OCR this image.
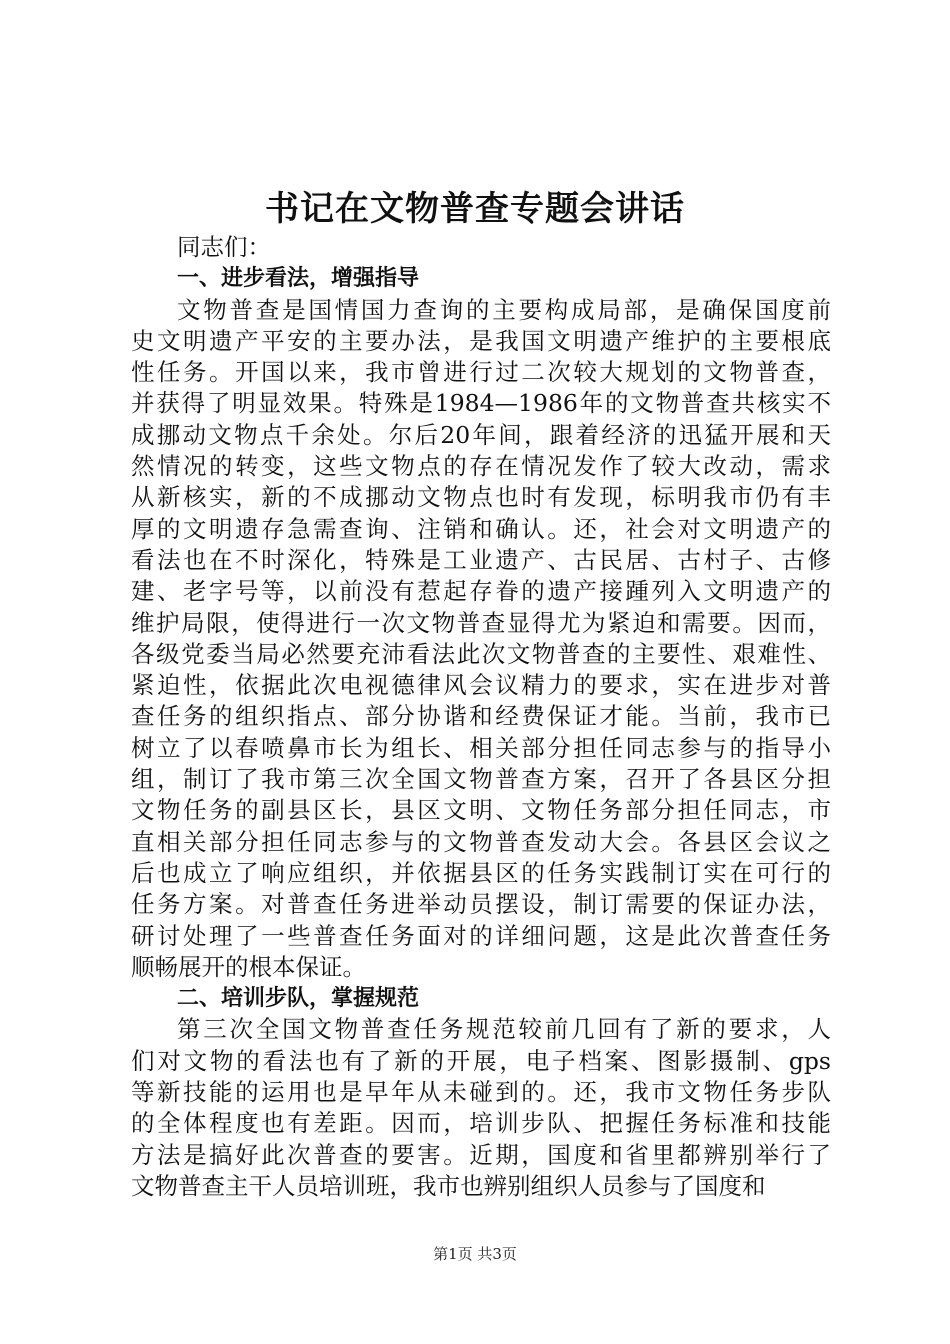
书记在文物普查专题会讲话

同志们：

一、进步看法，增强指导

文物普查是国情国力查询的主要构成局部，是确保国度前

史文明遗产平安的主要办法，是我国文明遗产维护的主要根底

性任务。开国以来，我市曾进行过二次较大规划的文物普查，

并获得了明显效果。特殊是1984—1986年的文物普查共核实不

成挪动文物点千余处。尔后20年间，跟着经济的迅猛开展和天

然情况的转变，这些文物点的存在情况发作了较大改动，需求

从新核实，新的不成挪动文物点也时有发现，标明我市仍有丰

厚的文明遗存急需查询、注销和确认。还，社会对文明遗产的

看法也在不时深化，特殊是工业遗产、古民居、古村子、古修

建、老字号等，以前没有惹起存眷的遗产接踵列入文明遗产的

维护局限，使得进行一次文物普查显得尤为紧迫和需要。因而，

各级党委当局必然要充沛看法此次文物普查的主要性、艰难性、

紧迫性，依据此次电视德律风会议精力的要求，实在进步对普

查任务的组织指点、部分协谐和经费保证才能。当前，我市已

树立了以春喷鼻市长为组长、相关部分担任同志参与的指导小

组，制订了我市第三次全国文物普查方案，召开了各县区分担

文物任务的副县区长，县区文明、文物任务部分担任同志，市

直相关部分担任同志参与的文物普查发动大会。各县区会议之

后也成立了响应组织，并依据县区的任务实践制订实在可行的

任务方案。对普查任务进举动员摆设，制订需要的保证办法，

研讨处理了一些普查任务面对的详细问题，这是此次普查任务

顺畅展开的根本保证。

二、培训步队，掌握规范

第三次全国文物普查任务规范较前几回有了新的要求，人

们对文物的看法也有了新的开展，电子档案、图影摄制、gps

等新技能的运用也是早年从未碰到的。还，我市文物任务步队

的全体程度也有差距。因而，培训步队、把握任务标准和技能

方法是搞好此次普查的要害。近期，国度和省里都辨别举行了

文物普查主干人员培训班，我市也辨别组织人员参与了国度和

第1页 共3页
